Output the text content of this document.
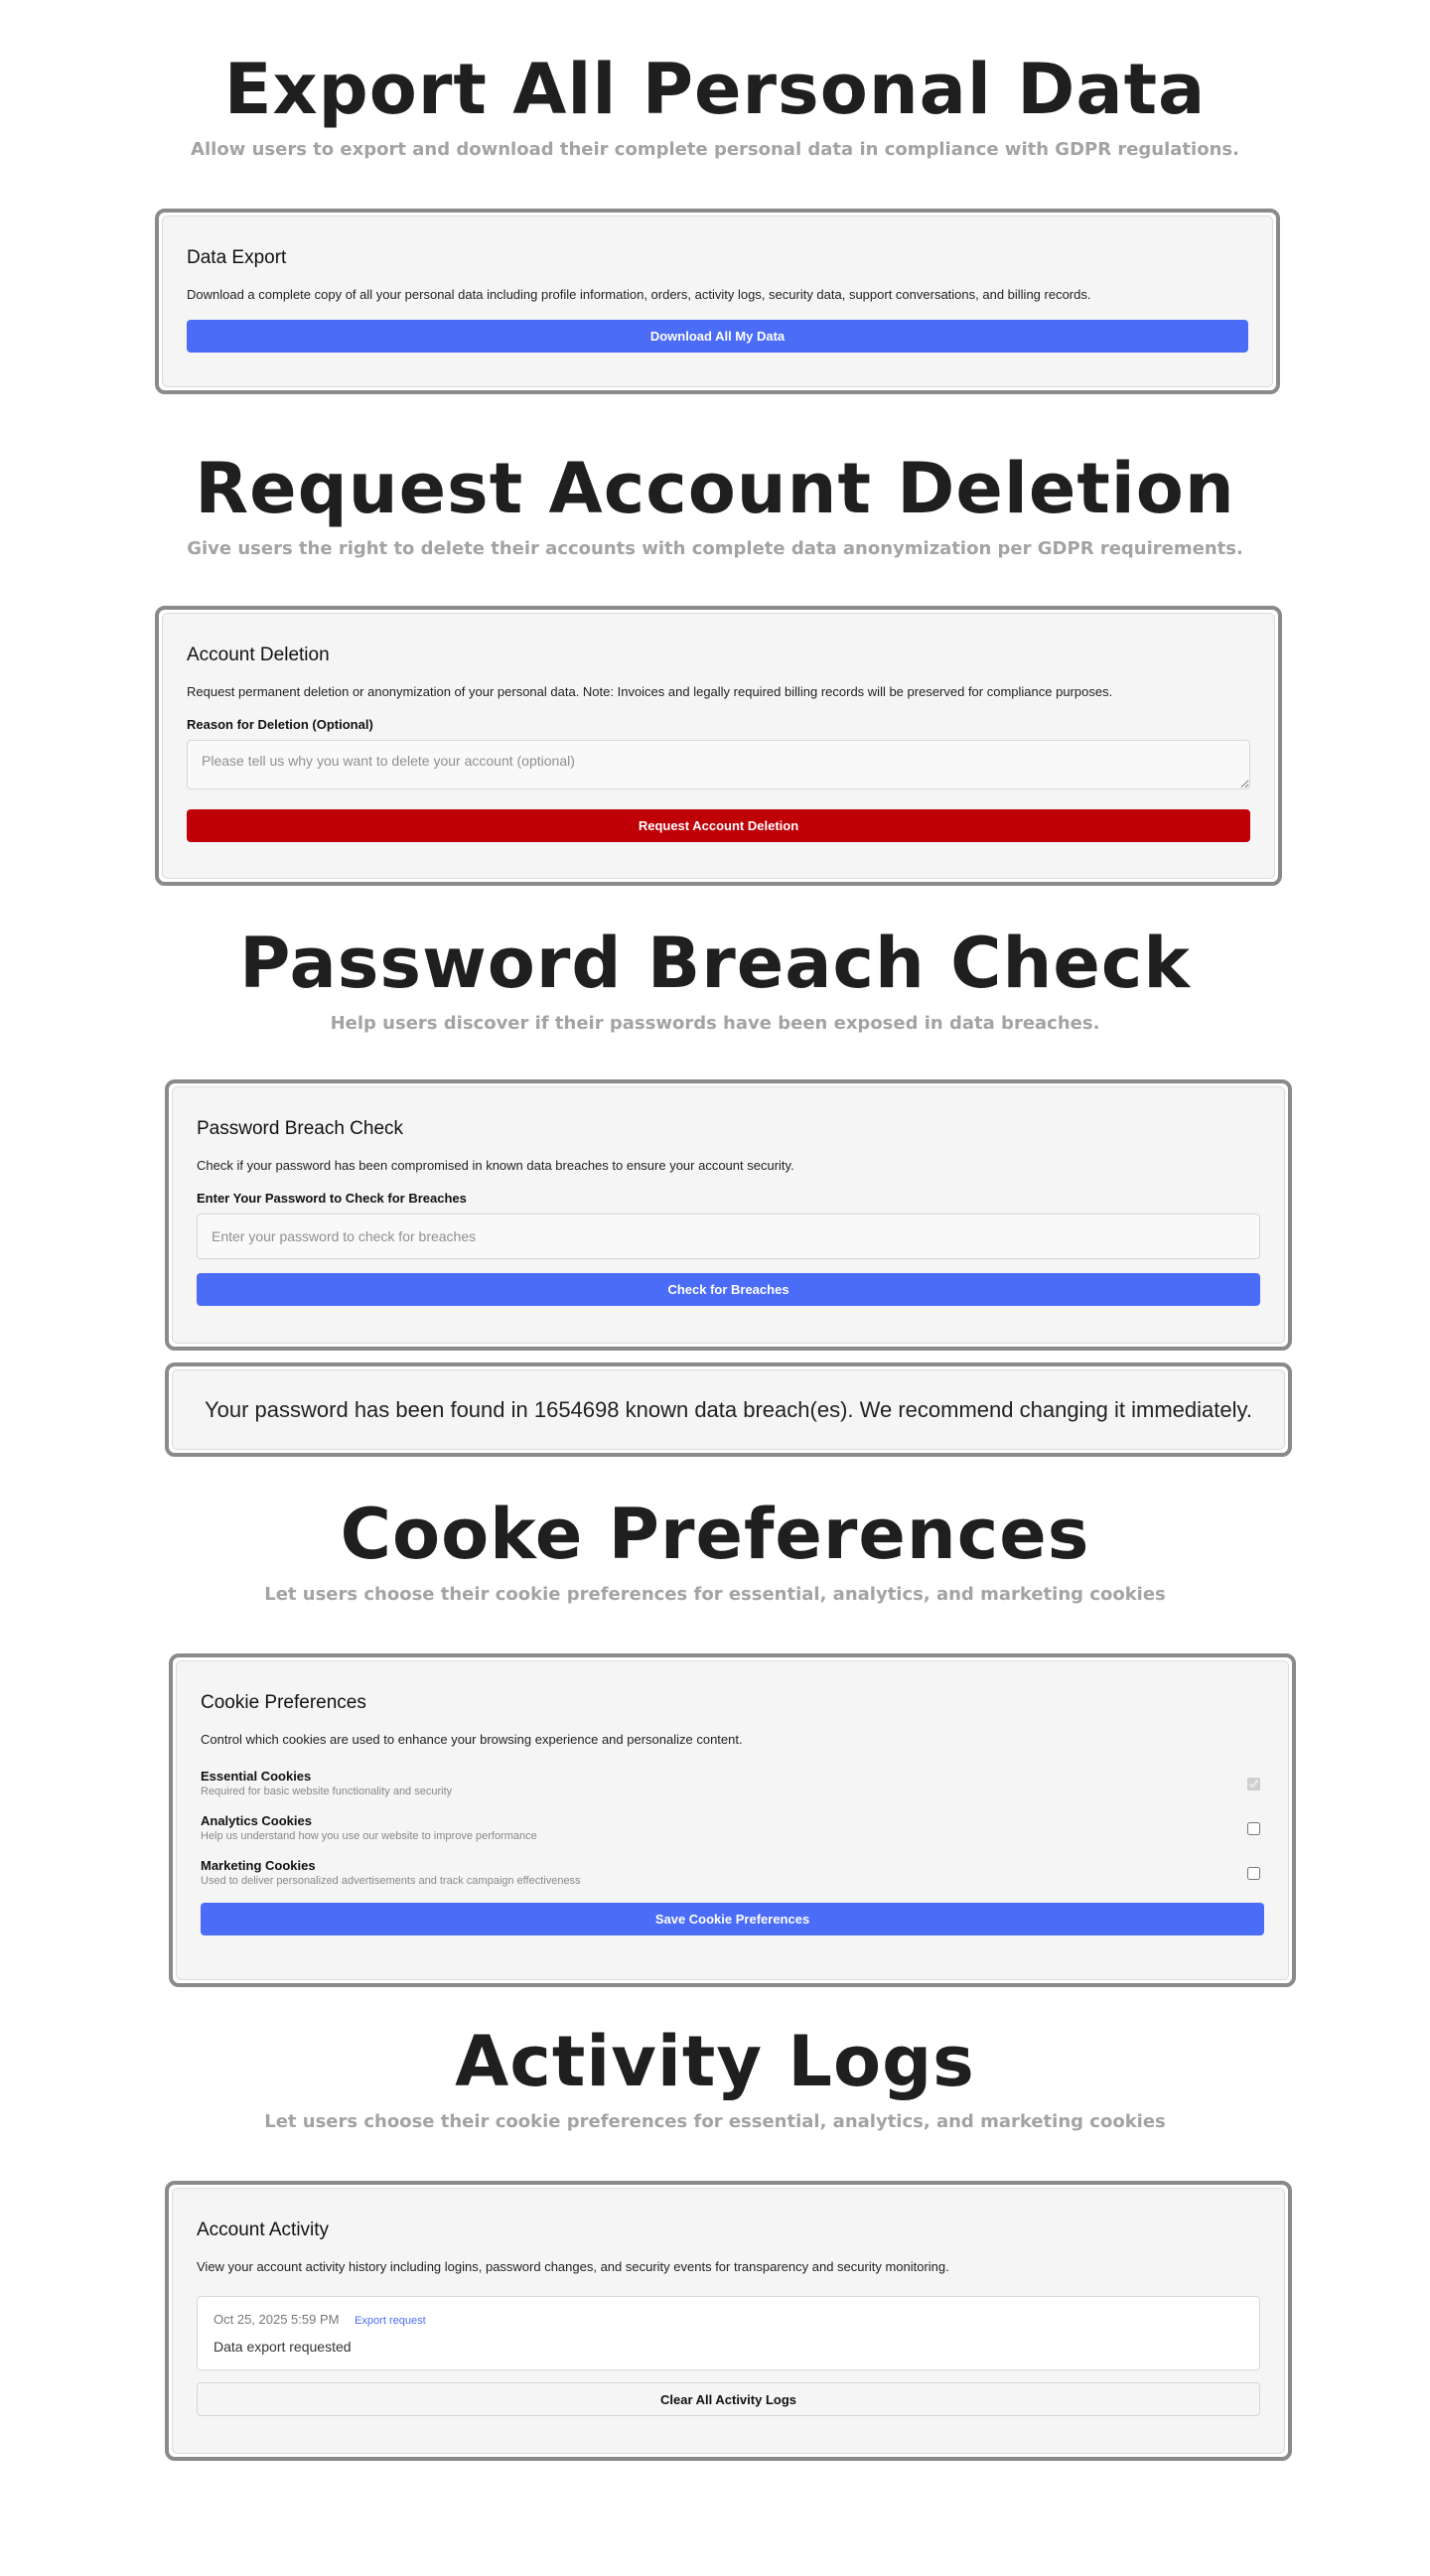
Export All Personal Data

Allow users to export and download their complete personal data in compliance with GDPR regulations.

Data Export

Download a complete copy of all your personal data including profile information, orders, activity logs, security data, support conversations, and billing records.

Download All My Data
Request Account Deletion

Give users the right to delete their accounts with complete data anonymization per GDPR requirements.

Account Deletion

Request permanent deletion or anonymization of your personal data. Note: Invoices and legally required billing records will be preserved for compliance purposes.

Reason for Deletion (Optional)
Please tell us why you want to delete your account (optional)
Request Account Deletion
Password Breach Check

Help users discover if their passwords have been exposed in data breaches.

Password Breach Check

Check if your password has been compromised in known data breaches to ensure your account security.

Enter Your Password to Check for Breaches
Check for Breaches
Your password has been found in 1654698 known data breach(es). We recommend changing it immediately.
Cooke Preferences

Let users choose their cookie preferences for essential, analytics, and marketing cookies

Cookie Preferences

Control which cookies are used to enhance your browsing experience and personalize content.

Essential Cookies
Required for basic website functionality and security
Analytics Cookies
Help us understand how you use our website to improve performance
Marketing Cookies
Used to deliver personalized advertisements and track campaign effectiveness
Save Cookie Preferences
Activity Logs

Let users choose their cookie preferences for essential, analytics, and marketing cookies

Account Activity

View your account activity history including logins, password changes, and security events for transparency and security monitoring.

Oct 25, 2025 5:59 PM Export request
Data export requested
Clear All Activity Logs
